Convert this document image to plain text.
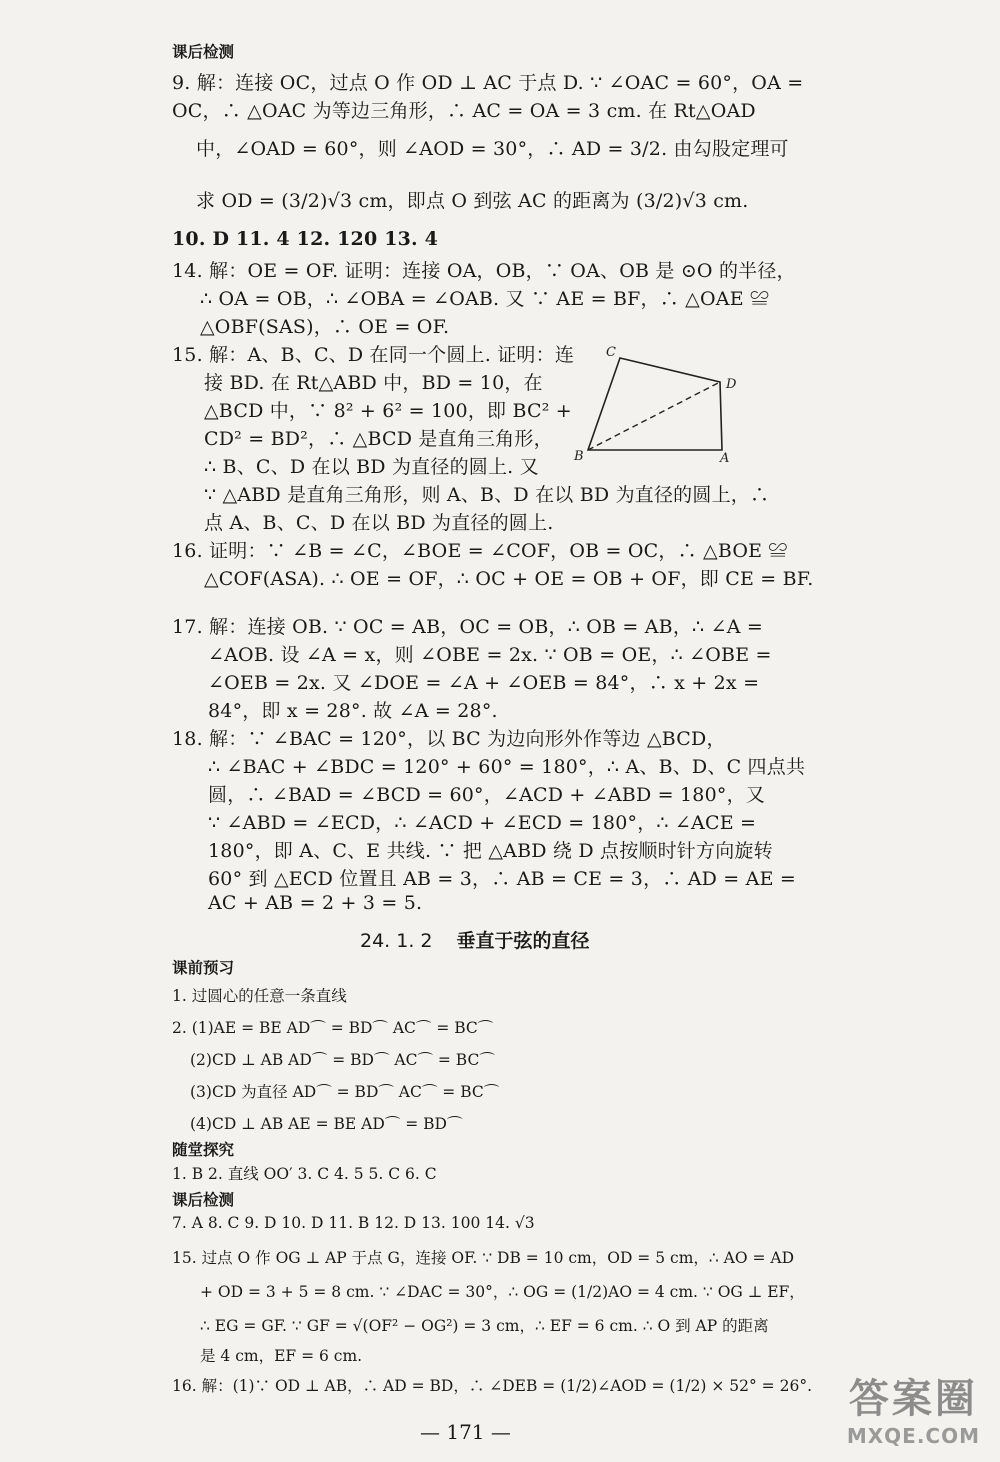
课后检测
9. 解：连接 OC，过点 O 作 OD ⊥ AC 于点 D. ∵ ∠OAC = 60°，OA =
OC，∴ △OAC 为等边三角形，∴ AC = OA = 3 cm. 在 Rt△OAD
中，∠OAD = 60°，则 ∠AOD = 30°，∴ AD = 3/2. 由勾股定理可
求 OD = (3/2)√3 cm，即点 O 到弦 AC 的距离为 (3/2)√3 cm.
10. D 11. 4 12. 120 13. 4
14. 解：OE = OF. 证明：连接 OA，OB，∵ OA、OB 是 ⊙O 的半径，
∴ OA = OB，∴ ∠OBA = ∠OAB. 又 ∵ AE = BF，∴ △OAE ≌
△OBF(SAS)，∴ OE = OF.
15. 解：A、B、C、D 在同一个圆上. 证明：连
接 BD. 在 Rt△ABD 中，BD = 10，在
△BCD 中，∵ 8² + 6² = 100，即 BC² +
CD² = BD²，∴ △BCD 是直角三角形，
∴ B、C、D 在以 BD 为直径的圆上. 又
∵ △ABD 是直角三角形，则 A、B、D 在以 BD 为直径的圆上，∴
点 A、B、C、D 在以 BD 为直径的圆上.
C
D
B	A
16. 证明：∵ ∠B = ∠C，∠BOE = ∠COF，OB = OC，∴ △BOE ≌
△COF(ASA). ∴ OE = OF，∴ OC + OE = OB + OF，即 CE = BF.
17. 解：连接 OB. ∵ OC = AB，OC = OB，∴ OB = AB，∴ ∠A =
∠AOB. 设 ∠A = x，则 ∠OBE = 2x. ∵ OB = OE，∴ ∠OBE =
∠OEB = 2x. 又 ∠DOE = ∠A + ∠OEB = 84°，∴ x + 2x =
84°，即 x = 28°. 故 ∠A = 28°.
18. 解：∵ ∠BAC = 120°，以 BC 为边向形外作等边 △BCD，
∴ ∠BAC + ∠BDC = 120° + 60° = 180°，∴ A、B、D、C 四点共
圆，∴ ∠BAD = ∠BCD = 60°，∠ACD + ∠ABD = 180°，又
∵ ∠ABD = ∠ECD，∴ ∠ACD + ∠ECD = 180°，∴ ∠ACE =
180°，即 A、C、E 共线. ∵ 把 △ABD 绕 D 点按顺时针方向旋转
60° 到 △ECD 位置且 AB = 3，∴ AB = CE = 3，∴ AD = AE =
AC + AB = 2 + 3 = 5.
24. 1. 2 垂直于弦的直径
课前预习
1. 过圆心的任意一条直线
2. (1)AE = BE AD⌒ = BD⌒ AC⌒ = BC⌒
(2)CD ⊥ AB AD⌒ = BD⌒ AC⌒ = BC⌒
(3)CD 为直径 AD⌒ = BD⌒ AC⌒ = BC⌒
(4)CD ⊥ AB AE = BE AD⌒ = BD⌒
随堂探究
1. B 2. 直线 OO′ 3. C 4. 5 5. C 6. C
课后检测
7. A 8. C 9. D 10. D 11. B 12. D 13. 100 14. √3
15. 过点 O 作 OG ⊥ AP 于点 G，连接 OF. ∵ DB = 10 cm，OD = 5 cm，∴ AO = AD
+ OD = 3 + 5 = 8 cm. ∵ ∠DAC = 30°，∴ OG = (1/2)AO = 4 cm. ∵ OG ⊥ EF，
∴ EG = GF. ∵ GF = √(OF² − OG²) = 3 cm，∴ EF = 6 cm. ∴ O 到 AP 的距离
是 4 cm，EF = 6 cm.
16. 解：(1)∵ OD ⊥ AB，∴ AD = BD，∴ ∠DEB = (1/2)∠AOD = (1/2) × 52° = 26°.
— 171 —
答案圈
MXQE.COM
